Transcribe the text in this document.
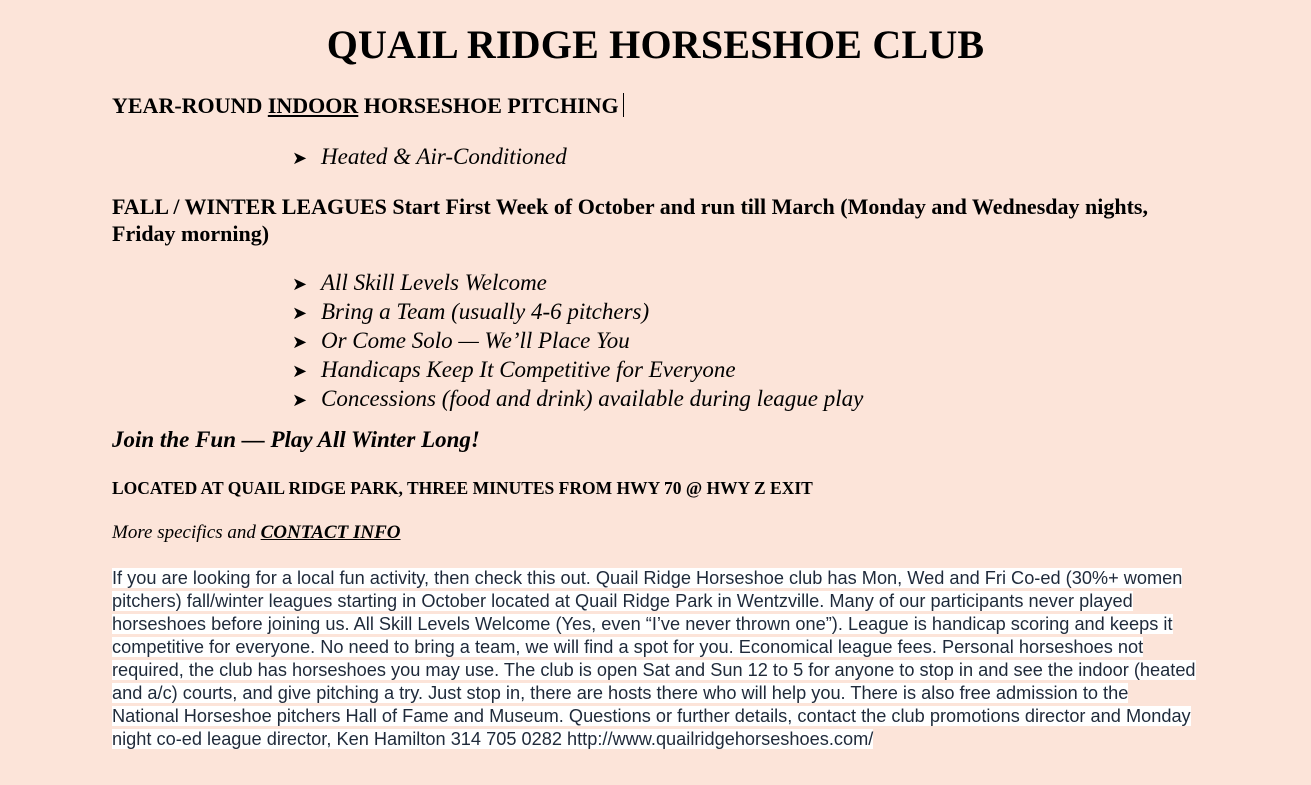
QUAIL RIDGE HORSESHOE CLUB
YEAR-ROUND INDOOR HORSESHOE PITCHING
➤ Heated & Air-Conditioned
FALL / WINTER LEAGUES Start First Week of October and run till March (Monday and Wednesday nights, Friday morning)
➤ All Skill Levels Welcome
➤ Bring a Team (usually 4-6 pitchers)
➤ Or Come Solo — We’ll Place You
➤ Handicaps Keep It Competitive for Everyone
➤ Concessions (food and drink) available during league play
Join the Fun — Play All Winter Long!
LOCATED AT QUAIL RIDGE PARK, THREE MINUTES FROM HWY 70 @ HWY Z EXIT
More specifics and CONTACT INFO
If you are looking for a local fun activity, then check this out. Quail Ridge Horseshoe club has Mon, Wed and Fri Co-ed (30%+ women pitchers) fall/winter leagues starting in October located at Quail Ridge Park in Wentzville. Many of our participants never played horseshoes before joining us. All Skill Levels Welcome (Yes, even “I’ve never thrown one”). League is handicap scoring and keeps it competitive for everyone. No need to bring a team, we will find a spot for you. Economical league fees. Personal horseshoes not required, the club has horseshoes you may use. The club is open Sat and Sun 12 to 5 for anyone to stop in and see the indoor (heated and a/c) courts, and give pitching a try. Just stop in, there are hosts there who will help you. There is also free admission to the National Horseshoe pitchers Hall of Fame and Museum. Questions or further details, contact the club promotions director and Monday night co-ed league director, Ken Hamilton 314 705 0282 http://www.quailridgehorseshoes.com/
